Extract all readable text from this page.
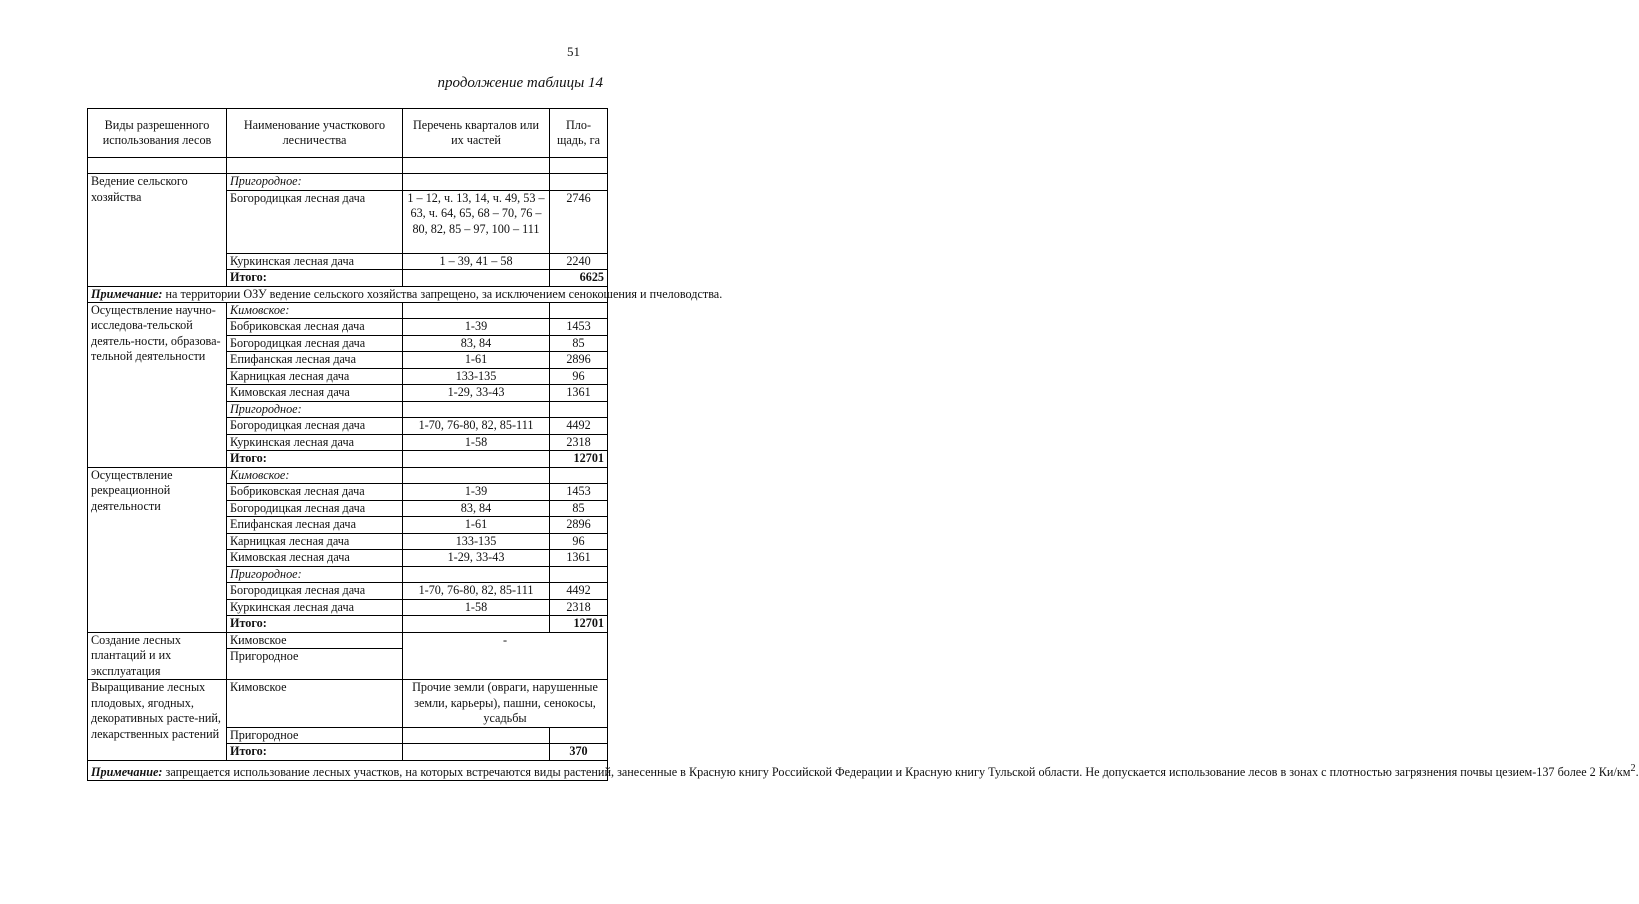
51
продолжение таблицы 14
Виды разрешенного использования лесов	Наименование участкового лесничества	Перечень кварталов или их частей	Пло-щадь, га

Ведение сельского хозяйства	Пригородное:		
	Богородицкая лесная дача	1 – 12, ч. 13, 14, ч. 49, 53 – 63, ч. 64, 65, 68 – 70, 76 – 80, 82, 85 – 97, 100 – 111	2746
	Куркинская лесная дача	1 – 39, 41 – 58	2240
	Итого:		6625
Примечание: на территории ОЗУ ведение сельского хозяйства запрещено, за исключением сенокошения и пчеловодства.			
Осуществление научно-исследова-тельской деятель-ности, образова-тельной деятельности	Кимовское:		
	Бобриковская лесная дача	1-39	1453
	Богородицкая лесная дача	83, 84	85
	Епифанская лесная дача	1-61	2896
	Карницкая лесная дача	133-135	96
	Кимовская лесная дача	1-29, 33-43	1361
	Пригородное:		
	Богородицкая лесная дача	1-70, 76-80, 82, 85-111	4492
	Куркинская лесная дача	1-58	2318
	Итого:		12701
Осуществление рекреационной деятельности	Кимовское:		
	Бобриковская лесная дача	1-39	1453
	Богородицкая лесная дача	83, 84	85
	Епифанская лесная дача	1-61	2896
	Карницкая лесная дача	133-135	96
	Кимовская лесная дача	1-29, 33-43	1361
	Пригородное:		
	Богородицкая лесная дача	1-70, 76-80, 82, 85-111	4492
	Куркинская лесная дача	1-58	2318
	Итого:		12701
Создание лесных плантаций и их эксплуатация	Кимовское	-	
	Пригородное		
Выращивание лесных плодовых, ягодных, декоративных расте-ний, лекарственных растений	Кимовское	Прочие земли (овраги, нарушенные земли, карьеры), пашни, сенокосы, усадьбы	
	Пригородное		
	Итого:		370
Примечание: запрещается использование лесных участков, на которых встречаются виды растений, занесенные в Красную книгу Российской Федерации и Красную книгу Тульской области. Не допускается использование лесов в зонах с плотностью загрязнения почвы цезием-137 более 2 $Ки/км^2$.			
